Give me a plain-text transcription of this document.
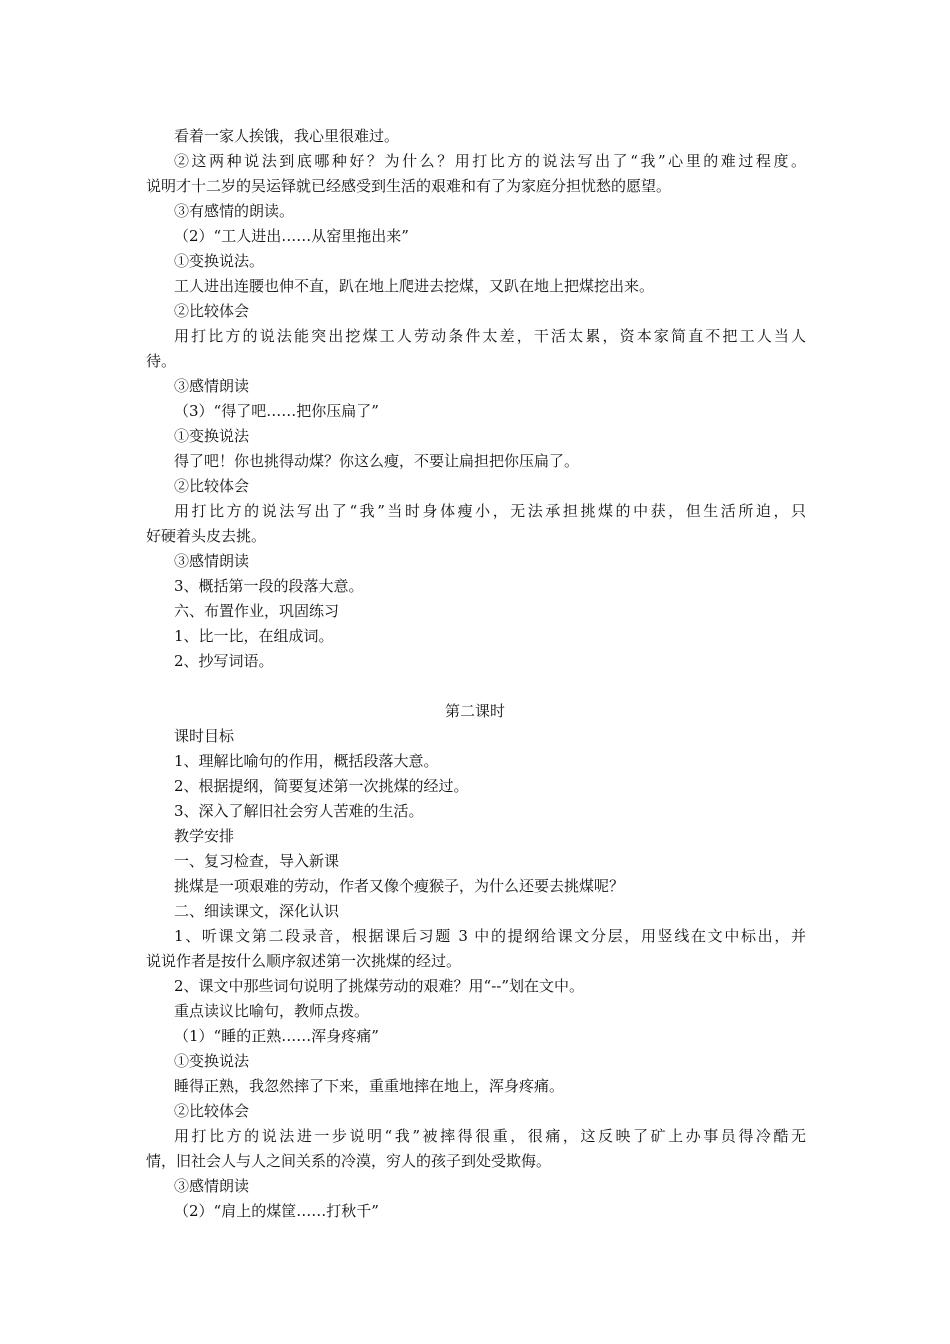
看着一家人挨饿，我心里很难过。
②这两种说法到底哪种好？为什么？用打比方的说法写出了“我”心里的难过程度。
说明才十二岁的吴运铎就已经感受到生活的艰难和有了为家庭分担忧愁的愿望。
③有感情的朗读。
（2）“工人进出……从窑里拖出来”
①变换说法。
工人进出连腰也伸不直，趴在地上爬进去挖煤，又趴在地上把煤挖出来。
②比较体会
用打比方的说法能突出挖煤工人劳动条件太差，干活太累，资本家简直不把工人当人
待。
③感情朗读
（3）“得了吧……把你压扁了”
①变换说法
得了吧！你也挑得动煤？你这么瘦，不要让扁担把你压扁了。
②比较体会
用打比方的说法写出了“我”当时身体瘦小，无法承担挑煤的中获，但生活所迫，只
好硬着头皮去挑。
③感情朗读
3、概括第一段的段落大意。
六、布置作业，巩固练习
1、比一比，在组成词。
2、抄写词语。
第二课时
课时目标
1、理解比喻句的作用，概括段落大意。
2、根据提纲，简要复述第一次挑煤的经过。
3、深入了解旧社会穷人苦难的生活。
教学安排
一、复习检查，导入新课
挑煤是一项艰难的劳动，作者又像个瘦猴子，为什么还要去挑煤呢？
二、细读课文，深化认识
1、听课文第二段录音，根据课后习题 3 中的提纲给课文分层，用竖线在文中标出，并
说说作者是按什么顺序叙述第一次挑煤的经过。
2、课文中那些词句说明了挑煤劳动的艰难？用“--”划在文中。
重点读议比喻句，教师点拨。
（1）“睡的正熟……浑身疼痛”
①变换说法
睡得正熟，我忽然摔了下来，重重地摔在地上，浑身疼痛。
②比较体会
用打比方的说法进一步说明“我”被摔得很重，很痛，这反映了矿上办事员得冷酷无
情，旧社会人与人之间关系的冷漠，穷人的孩子到处受欺侮。
③感情朗读
（2）“肩上的煤筐……打秋千”
